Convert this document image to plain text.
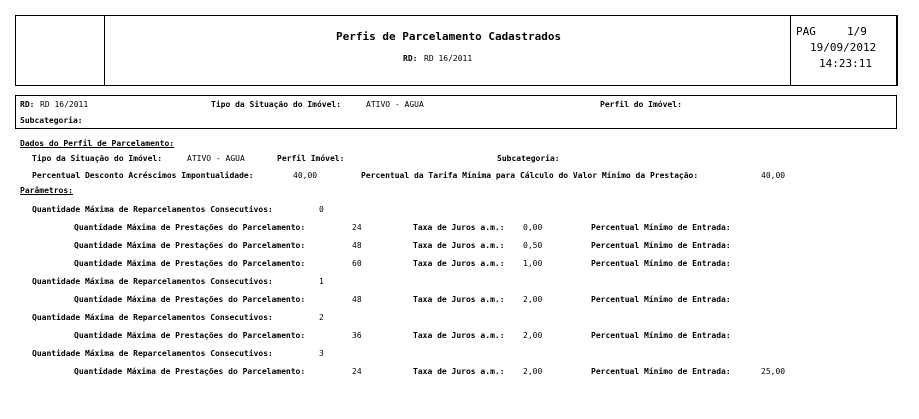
Perfis de Parcelamento Cadastrados
RD: RD 16/2011
PAG	1/9
19/09/2012
14:23:11
RD: RD 16/2011	Tipo da Situação do Imóvel:	ATIVO - AGUA	Perfil do Imóvel:
Subcategoria:
Dados do Perfil de Parcelamento:
Tipo da Situação do Imóvel:	ATIVO - AGUA	Perfil Imóvel:	Subcategoria:
Percentual Desconto Acréscimos Impontualidade:	40,00	Percentual da Tarifa Mínima para Cálculo do Valor Mínimo da Prestação:	40,00
Parâmetros:
Quantidade Máxima de Reparcelamentos Consecutivos:	0
Quantidade Máxima de Prestações do Parcelamento:	24	Taxa de Juros a.m.: 0,00	Percentual Mínimo de Entrada:
Quantidade Máxima de Prestações do Parcelamento:	48	Taxa de Juros a.m.: 0,50	Percentual Mínimo de Entrada:
Quantidade Máxima de Prestações do Parcelamento:	60	Taxa de Juros a.m.: 1,00	Percentual Mínimo de Entrada:
Quantidade Máxima de Reparcelamentos Consecutivos:	1
Quantidade Máxima de Prestações do Parcelamento:	48	Taxa de Juros a.m.: 2,00	Percentual Mínimo de Entrada:
Quantidade Máxima de Reparcelamentos Consecutivos:	2
Quantidade Máxima de Prestações do Parcelamento:	36	Taxa de Juros a.m.: 2,00	Percentual Mínimo de Entrada:
Quantidade Máxima de Reparcelamentos Consecutivos:	3
Quantidade Máxima de Prestações do Parcelamento:	24	Taxa de Juros a.m.: 2,00	Percentual Mínimo de Entrada:	25,00
